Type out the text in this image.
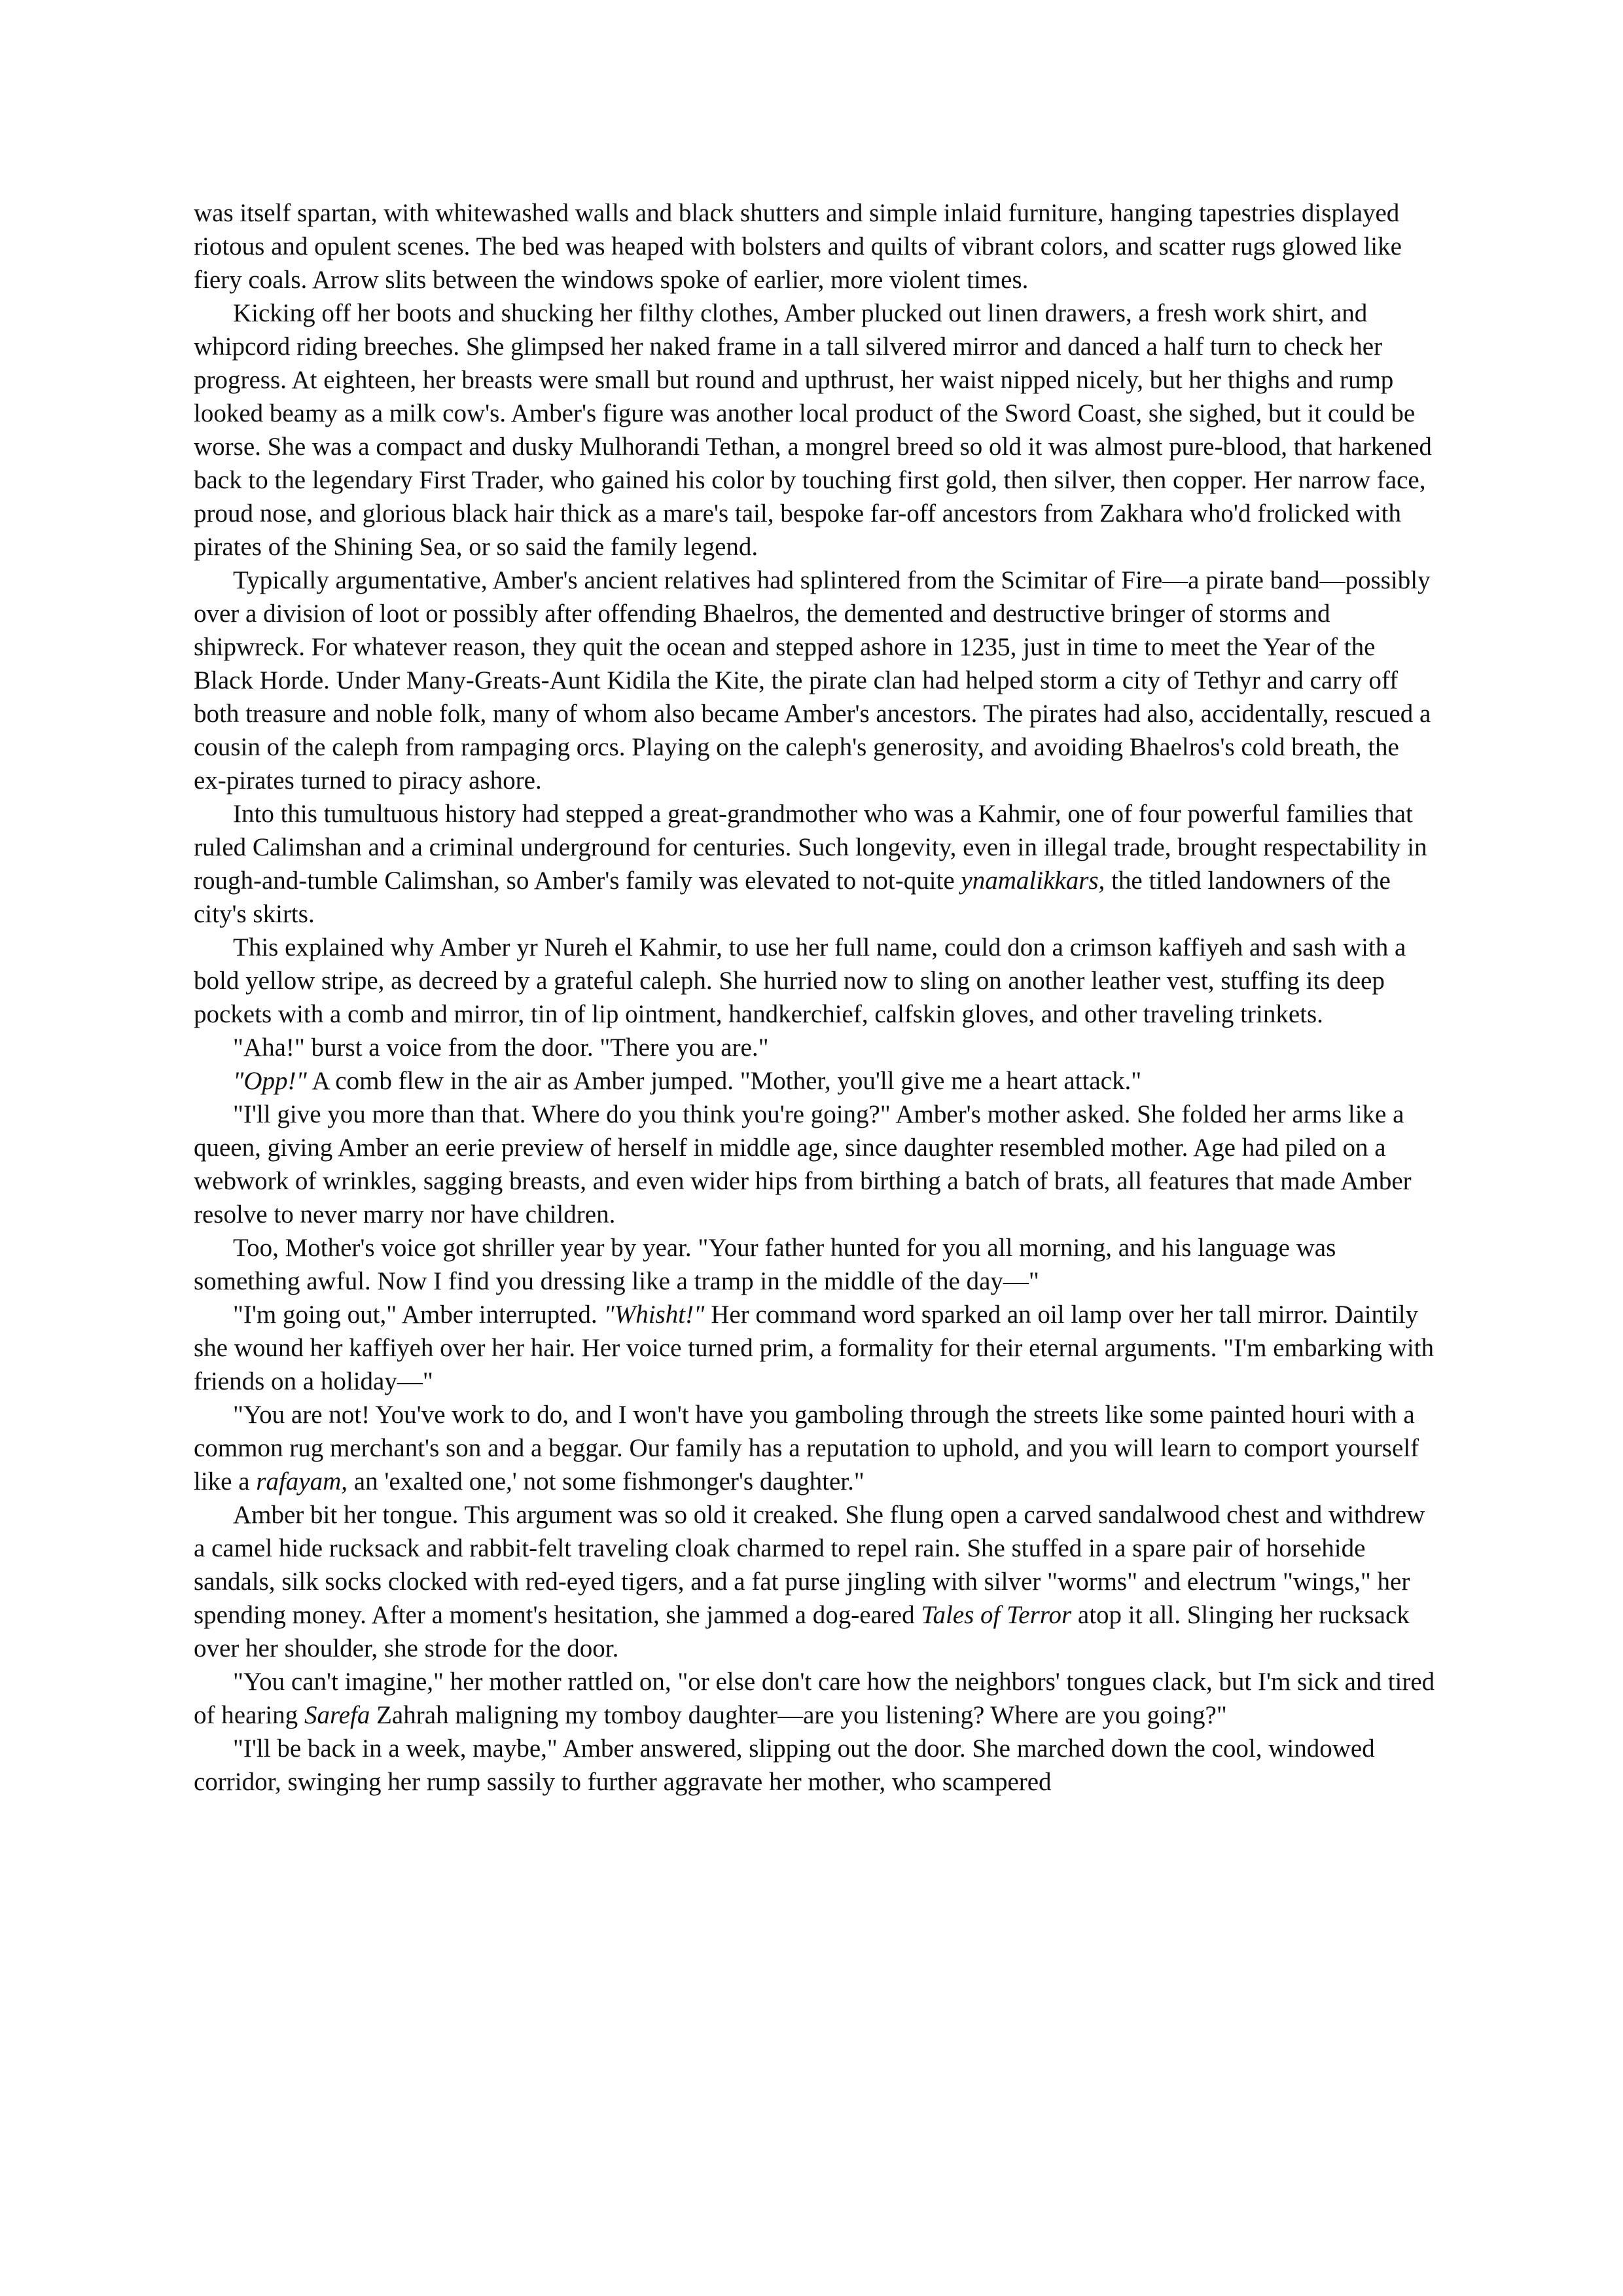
was itself spartan, with whitewashed walls and black shutters and simple inlaid furniture, hanging tapestries displayed riotous and opulent scenes. The bed was heaped with bolsters and quilts of vibrant colors, and scatter rugs glowed like fiery coals. Arrow slits between the windows spoke of earlier, more violent times.

Kicking off her boots and shucking her filthy clothes, Amber plucked out linen drawers, a fresh work shirt, and whipcord riding breeches. She glimpsed her naked frame in a tall silvered mirror and danced a half turn to check her progress. At eighteen, her breasts were small but round and upthrust, her waist nipped nicely, but her thighs and rump looked beamy as a milk cow's. Amber's figure was another local product of the Sword Coast, she sighed, but it could be worse. She was a compact and dusky Mulhorandi Tethan, a mongrel breed so old it was almost pure-blood, that harkened back to the legendary First Trader, who gained his color by touching first gold, then silver, then copper. Her narrow face, proud nose, and glorious black hair thick as a mare's tail, bespoke far-off ancestors from Zakhara who'd frolicked with pirates of the Shining Sea, or so said the family legend.

Typically argumentative, Amber's ancient relatives had splintered from the Scimitar of Fire—a pirate band—possibly over a division of loot or possibly after offending Bhaelros, the demented and destructive bringer of storms and shipwreck. For whatever reason, they quit the ocean and stepped ashore in 1235, just in time to meet the Year of the Black Horde. Under Many-Greats-Aunt Kidila the Kite, the pirate clan had helped storm a city of Tethyr and carry off both treasure and noble folk, many of whom also became Amber's ancestors. The pirates had also, accidentally, rescued a cousin of the caleph from rampaging orcs. Playing on the caleph's generosity, and avoiding Bhaelros's cold breath, the ex-pirates turned to piracy ashore.

Into this tumultuous history had stepped a great-grandmother who was a Kahmir, one of four powerful families that ruled Calimshan and a criminal underground for centuries. Such longevity, even in illegal trade, brought respectability in rough-and-tumble Calimshan, so Amber's family was elevated to not-quite ynamalikkars, the titled landowners of the city's skirts.

This explained why Amber yr Nureh el Kahmir, to use her full name, could don a crimson kaffiyeh and sash with a bold yellow stripe, as decreed by a grateful caleph. She hurried now to sling on another leather vest, stuffing its deep pockets with a comb and mirror, tin of lip ointment, handkerchief, calfskin gloves, and other traveling trinkets.

"Aha!" burst a voice from the door. "There you are."

"Opp!" A comb flew in the air as Amber jumped. "Mother, you'll give me a heart attack."

"I'll give you more than that. Where do you think you're going?" Amber's mother asked. She folded her arms like a queen, giving Amber an eerie preview of herself in middle age, since daughter resembled mother. Age had piled on a webwork of wrinkles, sagging breasts, and even wider hips from birthing a batch of brats, all features that made Amber resolve to never marry nor have children.

Too, Mother's voice got shriller year by year. "Your father hunted for you all morning, and his language was something awful. Now I find you dressing like a tramp in the middle of the day—"

"I'm going out," Amber interrupted. "Whisht!" Her command word sparked an oil lamp over her tall mirror. Daintily she wound her kaffiyeh over her hair. Her voice turned prim, a formality for their eternal arguments. "I'm embarking with friends on a holiday—"

"You are not! You've work to do, and I won't have you gamboling through the streets like some painted houri with a common rug merchant's son and a beggar. Our family has a reputation to uphold, and you will learn to comport yourself like a rafayam, an 'exalted one,' not some fishmonger's daughter."

Amber bit her tongue. This argument was so old it creaked. She flung open a carved sandalwood chest and withdrew a camel hide rucksack and rabbit-felt traveling cloak charmed to repel rain. She stuffed in a spare pair of horsehide sandals, silk socks clocked with red-eyed tigers, and a fat purse jingling with silver "worms" and electrum "wings," her spending money. After a moment's hesitation, she jammed a dog-eared Tales of Terror atop it all. Slinging her rucksack over her shoulder, she strode for the door.

"You can't imagine," her mother rattled on, "or else don't care how the neighbors' tongues clack, but I'm sick and tired of hearing Sarefa Zahrah maligning my tomboy daughter—are you listening? Where are you going?"

"I'll be back in a week, maybe," Amber answered, slipping out the door. She marched down the cool, windowed corridor, swinging her rump sassily to further aggravate her mother, who scampered
